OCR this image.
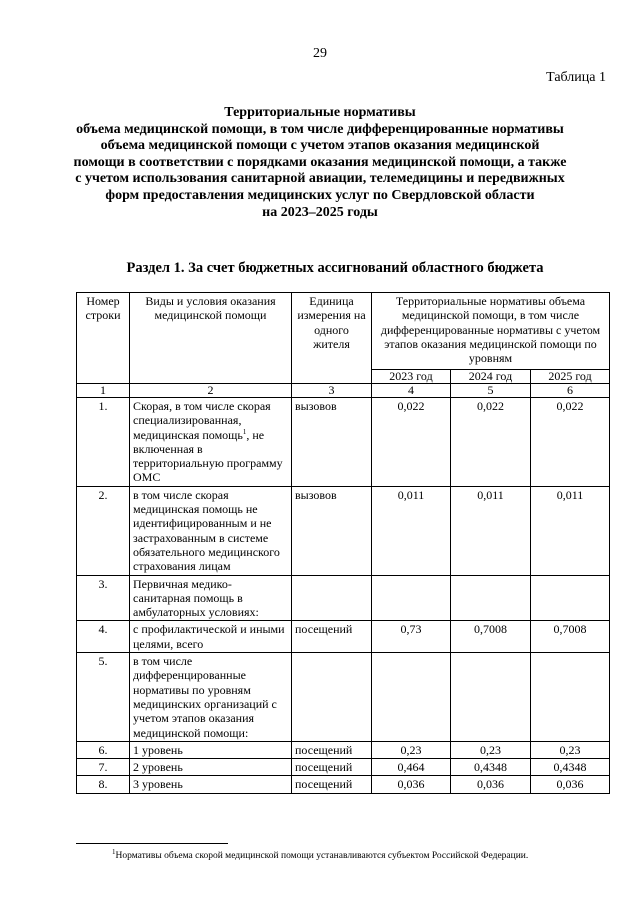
29
Таблица 1
Территориальные нормативы
объема медицинской помощи, в том числе дифференцированные нормативы
объема медицинской помощи с учетом этапов оказания медицинской
помощи в соответствии с порядками оказания медицинской помощи, а также
с учетом использования санитарной авиации, телемедицины и передвижных
форм предоставления медицинских услуг по Свердловской области
на 2023–2025 годы
Раздел 1. За счет бюджетных ассигнований областного бюджета
Номер строки	Виды и условия оказания медицинской помощи	Единица измерения на одного жителя	Территориальные нормативы объема медицинской помощи, в том числе дифференцированные нормативы с учетом этапов оказания медицинской помощи по уровням		
			2023 год	2024 год	2025 год
1	2	3	4	5	6
1.	Скорая, в том числе скорая специализированная, медицинская помощь$^1$, не включенная в территориальную программу ОМС	вызовов	0,022	0,022	0,022
2.	в том числе скорая медицинская помощь не идентифицированным и не застрахованным в системе обязательного медицинского страхования лицам	вызовов	0,011	0,011	0,011
3.	Первичная медико-санитарная помощь в амбулаторных условиях:				
4.	с профилактической и иными целями, всего	посещений	0,73	0,7008	0,7008
5.	в том числе дифференцированные нормативы по уровням медицинских организаций с учетом этапов оказания медицинской помощи:				
6.	1 уровень	посещений	0,23	0,23	0,23
7.	2 уровень	посещений	0,464	0,4348	0,4348
8.	3 уровень	посещений	0,036	0,036	0,036
$^1$Нормативы объема скорой медицинской помощи устанавливаются субъектом Российской Федерации.
